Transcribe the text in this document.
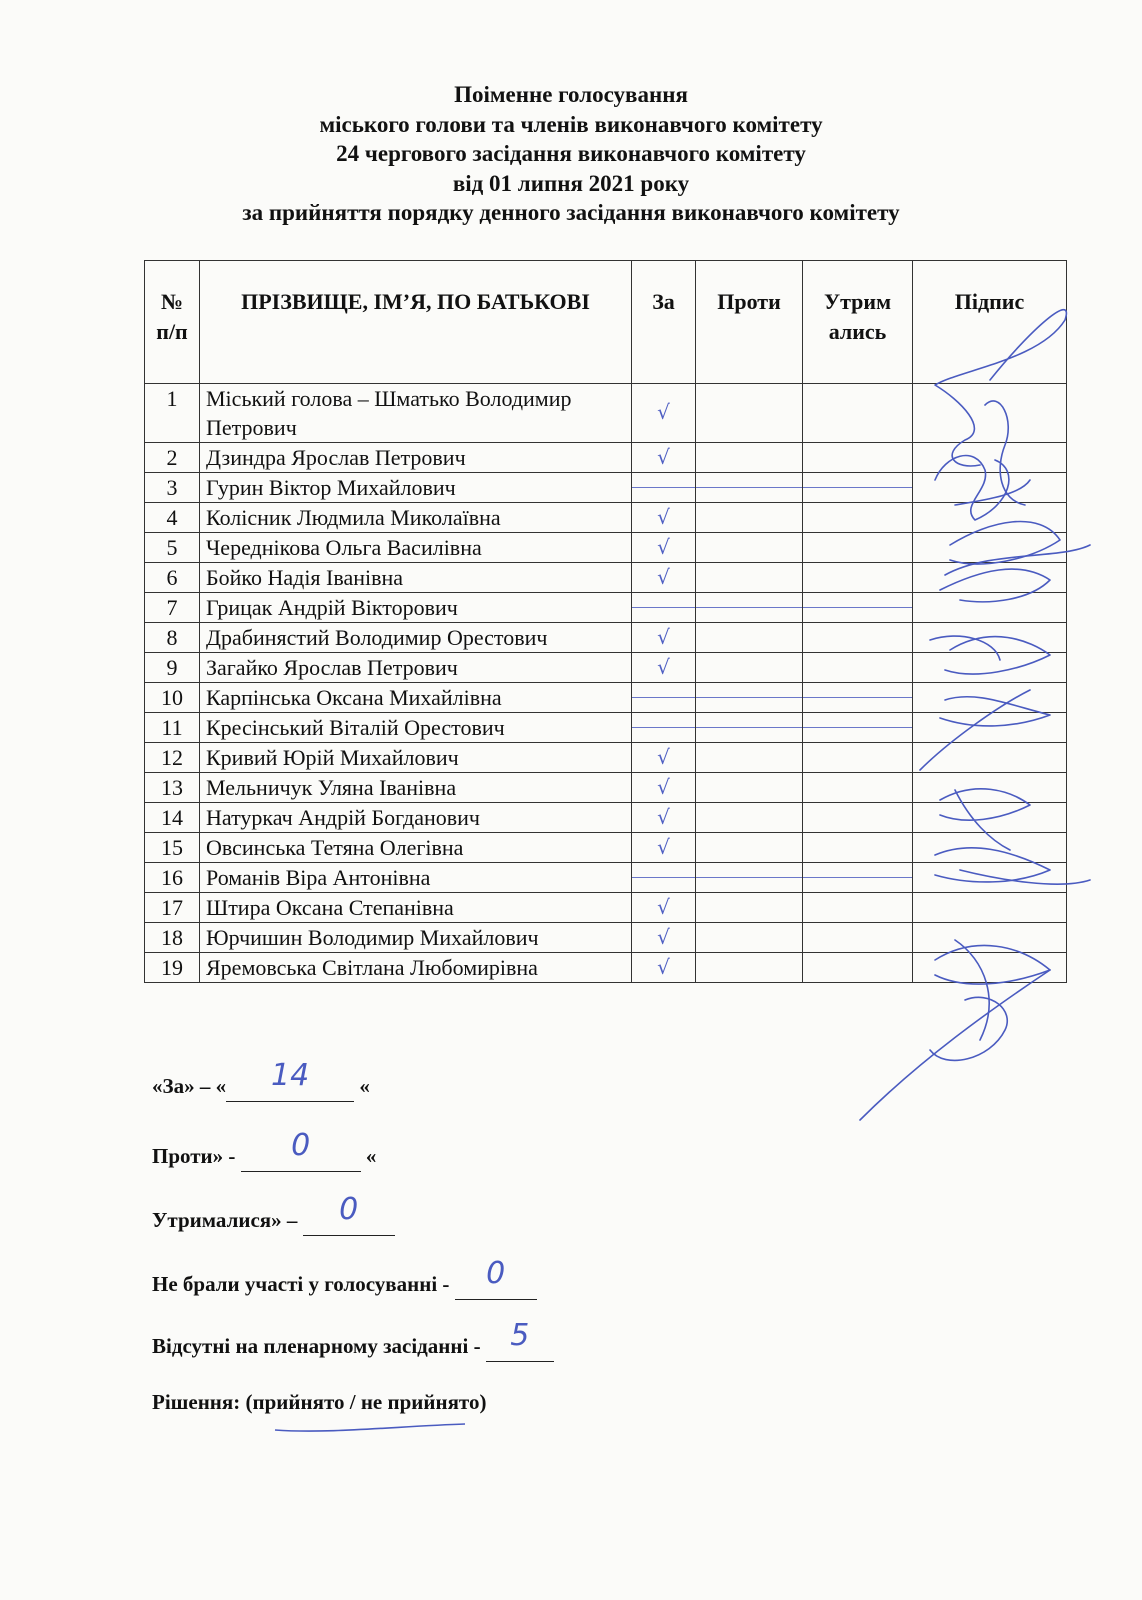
Поіменне голосування
міського голови та членів виконавчого комітету
24 чергового засідання виконавчого комітету
від 01 липня 2021 року
за прийняття порядку денного засідання виконавчого комітету
№ п/п	ПРІЗВИЩЕ, ІМ’Я, ПО БАТЬКОВІ	За	Проти	Утрим ались	Підпис
1	Міський голова – Шматько Володимир Петрович	√			

2	Дзиндра Ярослав Петрович	√			

3	Гурин Віктор Михайлович	

4	Колісник Людмила Миколаївна	√			

5	Череднікова Ольга Василівна	√			

6	Бойко Надія Іванівна	√			

7	Грицак Андрій Вікторович	

8	Драбинястий Володимир Орестович	√			

9	Загайко Ярослав Петрович	√			

10	Карпінська Оксана Михайлівна	

11	Кресінський Віталій Орестович	

12	Кривий Юрій Михайлович	√			

13	Мельничук Уляна Іванівна	√			

14	Натуркач Андрій Богданович	√			

15	Овсинська Тетяна Олегівна	√			

16	Романів Віра Антонівна	

17	Штира Оксана Степанівна	√			

18	Юрчишин Володимир Михайлович	√			

19	Яремовська Світлана Любомирівна	√			

«За» – « 14 «
Проти» - 0 «
Утрималися» – 0
Не брали участі у голосуванні - 0
Відсутні на пленарному засіданні - 5
Рішення: (прийнято / не прийнято)
